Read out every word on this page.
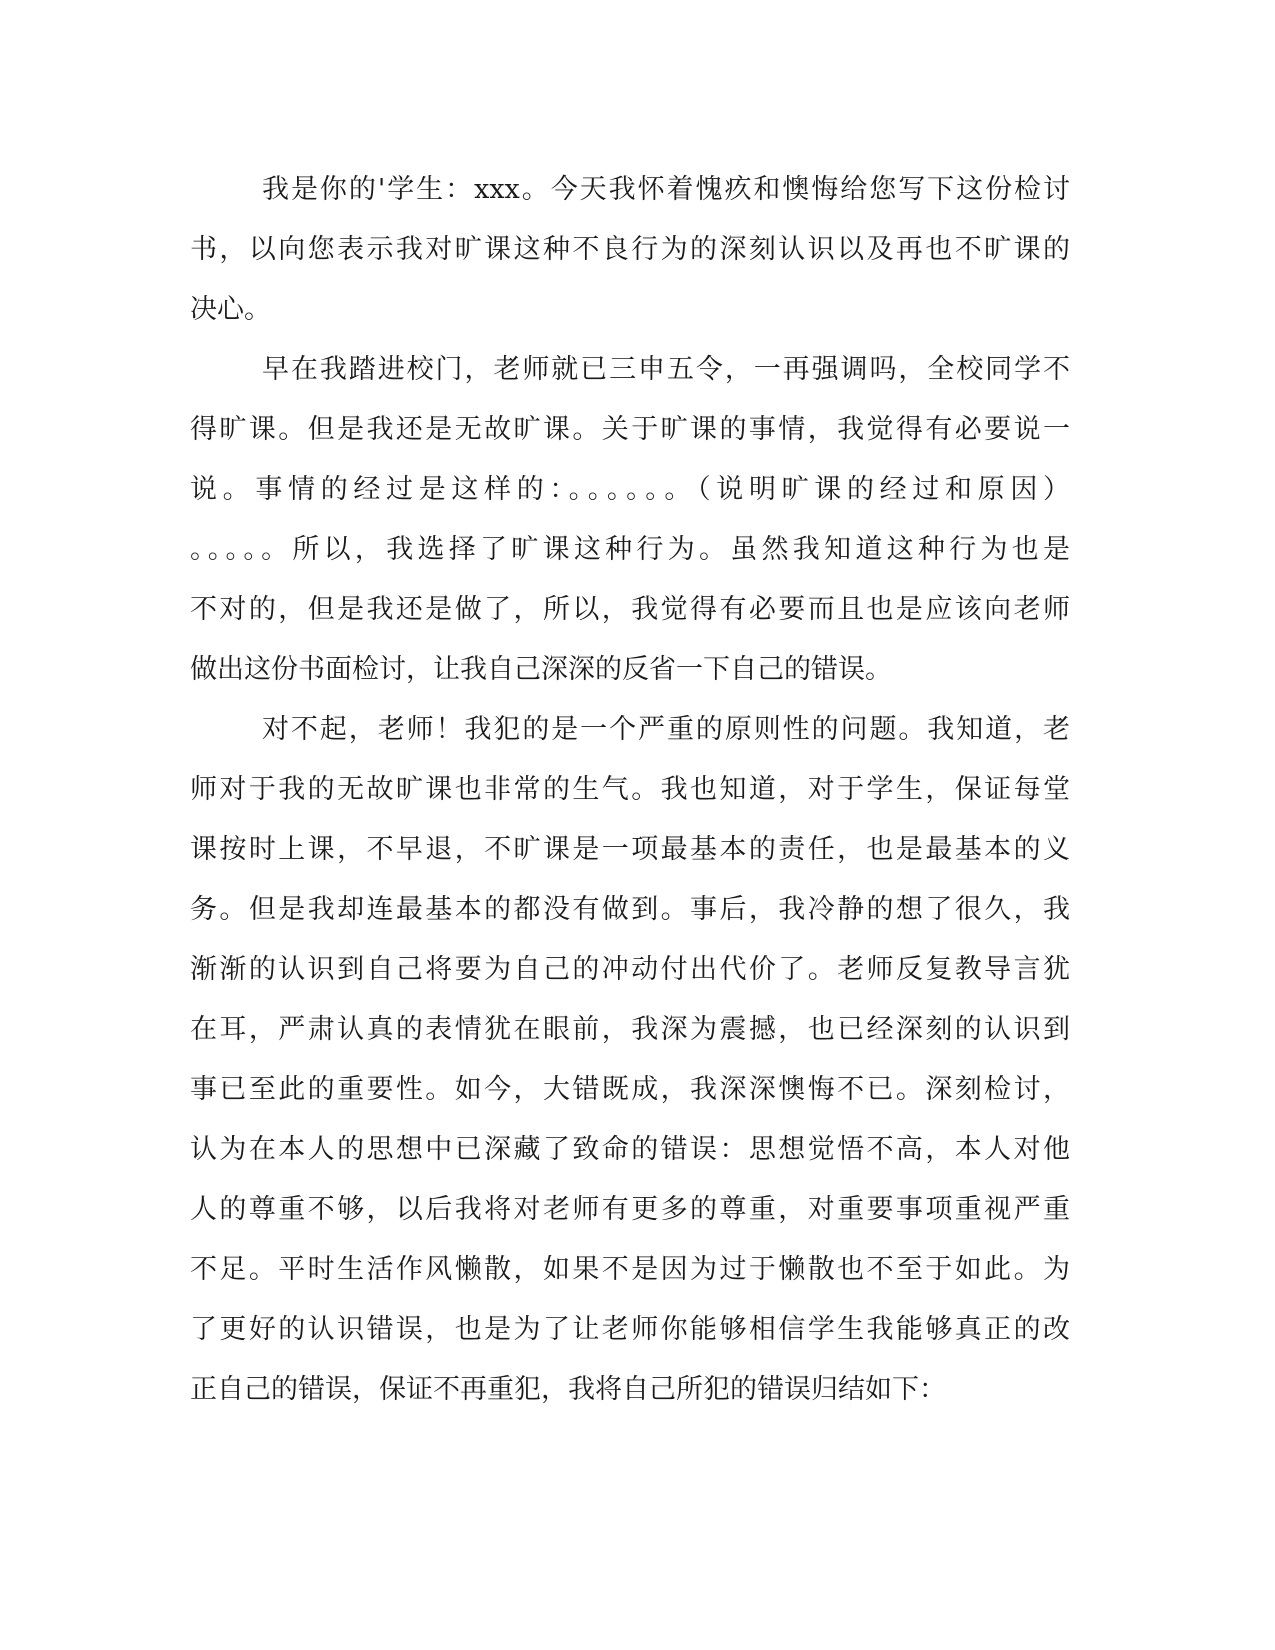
我是你的'学生：xxx。今天我怀着愧疚和懊悔给您写下这份检讨
书，以向您表示我对旷课这种不良行为的深刻认识以及再也不旷课的
决心。
早在我踏进校门，老师就已三申五令，一再强调吗，全校同学不
得旷课。但是我还是无故旷课。关于旷课的事情，我觉得有必要说一
说。事情的经过是这样的：。。。。。。（说明旷课的经过和原因）
。。。。。所以，我选择了旷课这种行为。虽然我知道这种行为也是
不对的，但是我还是做了，所以，我觉得有必要而且也是应该向老师
做出这份书面检讨，让我自己深深的反省一下自己的错误。
对不起，老师！我犯的是一个严重的原则性的问题。我知道，老
师对于我的无故旷课也非常的生气。我也知道，对于学生，保证每堂
课按时上课，不早退，不旷课是一项最基本的责任，也是最基本的义
务。但是我却连最基本的都没有做到。事后，我冷静的想了很久，我
渐渐的认识到自己将要为自己的冲动付出代价了。老师反复教导言犹
在耳，严肃认真的表情犹在眼前，我深为震撼，也已经深刻的认识到
事已至此的重要性。如今，大错既成，我深深懊悔不已。深刻检讨，
认为在本人的思想中已深藏了致命的错误：思想觉悟不高，本人对他
人的尊重不够，以后我将对老师有更多的尊重，对重要事项重视严重
不足。平时生活作风懒散，如果不是因为过于懒散也不至于如此。为
了更好的认识错误，也是为了让老师你能够相信学生我能够真正的改
正自己的错误，保证不再重犯，我将自己所犯的错误归结如下：
